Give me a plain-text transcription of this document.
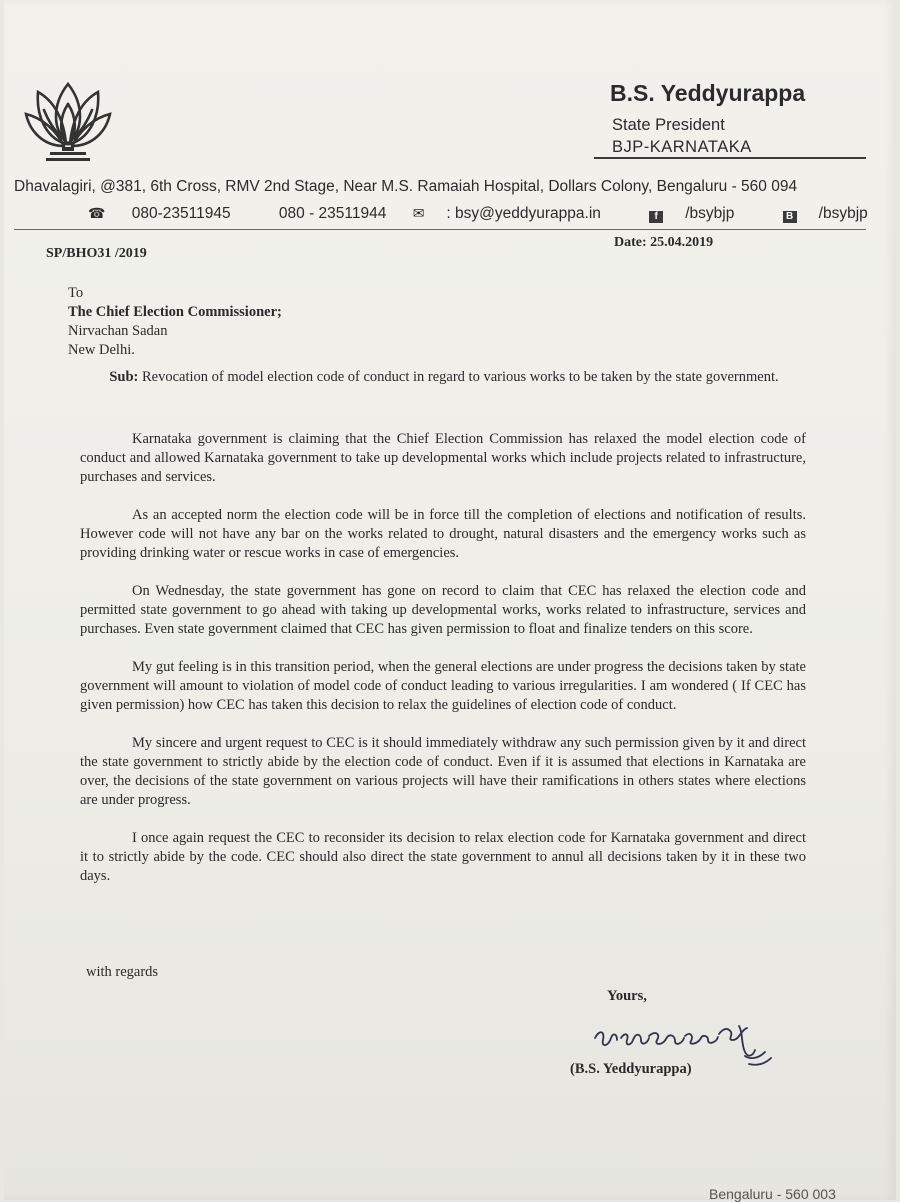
B.S. Yeddyurappa
State President
BJP-KARNATAKA
Dhavalagiri, @381, 6th Cross, RMV 2nd Stage, Near M.S. Ramaiah Hospital, Dollars Colony, Bengaluru - 560 094
☎ 080-23511945	080 - 23511944 ✉ : bsy@yeddyurappa.in	f /bsybjp	B /bsybjp
SP/BHO31 /2019
Date: 25.04.2019
To
The Chief Election Commissioner;
Nirvachan Sadan
New Delhi.
Sub: Revocation of model election code of conduct in regard to various works to be taken by the state government.

Karnataka government is claiming that the Chief Election Commission has relaxed the model election code of conduct and allowed Karnataka government to take up developmental works which include projects related to infrastructure, purchases and services.

As an accepted norm the election code will be in force till the completion of elections and notification of results. However code will not have any bar on the works related to drought, natural disasters and the emergency works such as providing drinking water or rescue works in case of emergencies.

On Wednesday, the state government has gone on record to claim that CEC has relaxed the election code and permitted state government to go ahead with taking up developmental works, works related to infrastructure, services and purchases. Even state government claimed that CEC has given permission to float and finalize tenders on this score.

My gut feeling is in this transition period, when the general elections are under progress the decisions taken by state government will amount to violation of model code of conduct leading to various irregularities. I am wondered ( If CEC has given permission) how CEC has taken this decision to relax the guidelines of election code of conduct.

My sincere and urgent request to CEC is it should immediately withdraw any such permission given by it and direct the state government to strictly abide by the election code of conduct. Even if it is assumed that elections in Karnataka are over, the decisions of the state government on various projects will have their ramifications in others states where elections are under progress.

I once again request the CEC to reconsider its decision to relax election code for Karnataka government and direct it to strictly abide by the code. CEC should also direct the state government to annul all decisions taken by it in these two days.

with regards
Yours,
(B.S. Yeddyurappa)
Bengaluru - 560 003
